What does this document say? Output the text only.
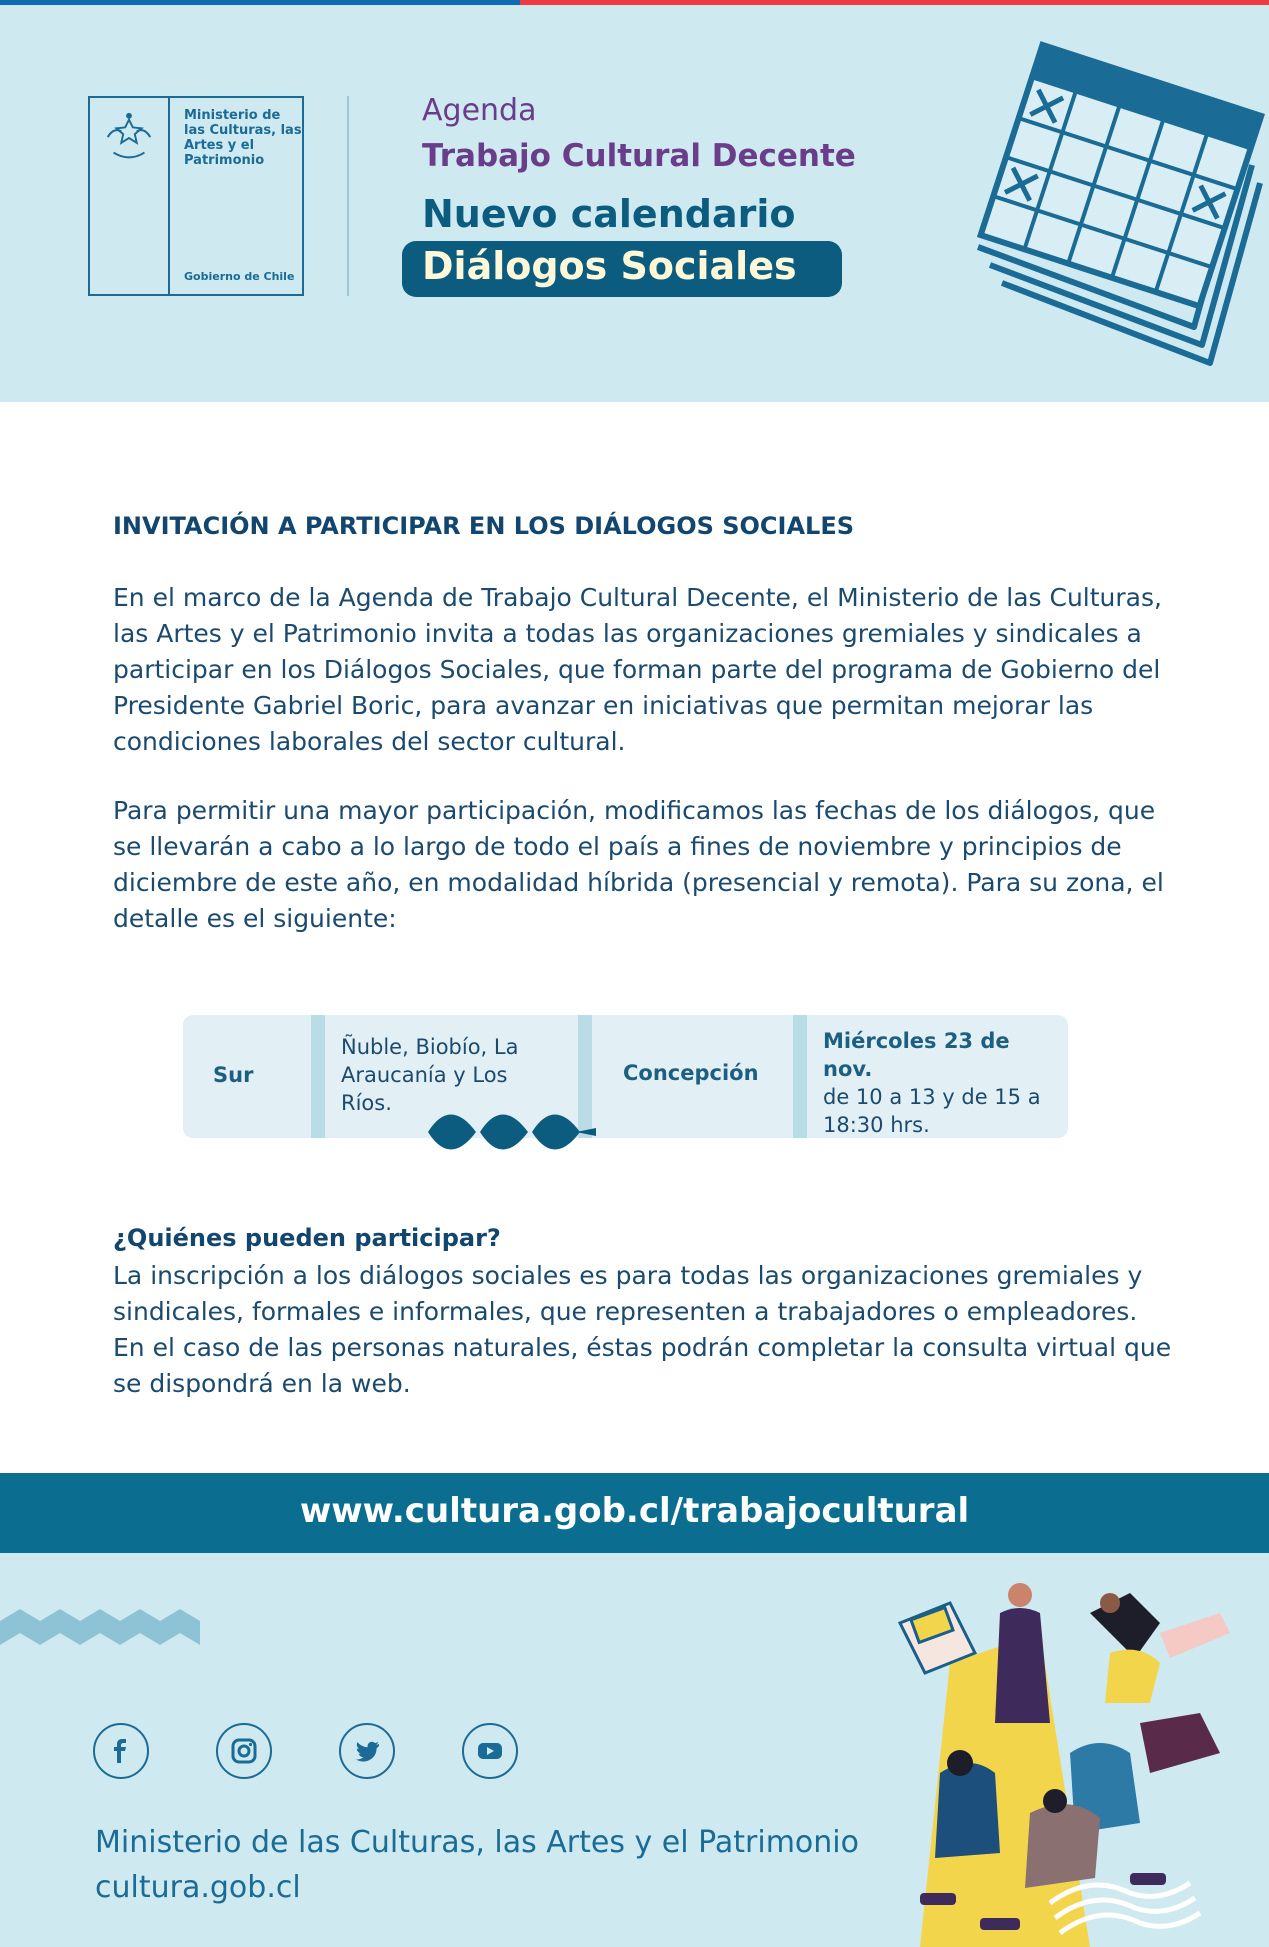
Ministerio de las Culturas, las Artes y el Patrimonio
Gobierno de Chile
Agenda
Trabajo Cultural Decente
Nuevo calendario
Diálogos Sociales
INVITACIÓN A PARTICIPAR EN LOS DIÁLOGOS SOCIALES
En el marco de la Agenda de Trabajo Cultural Decente, el Ministerio de las Culturas, las Artes y el Patrimonio invita a todas las organizaciones gremiales y sindicales a participar en los Diálogos Sociales, que forman parte del programa de Gobierno del Presidente Gabriel Boric, para avanzar en iniciativas que permitan mejorar las condiciones laborales del sector cultural.
Para permitir una mayor participación, modificamos las fechas de los diálogos, que se llevarán a cabo a lo largo de todo el país a fines de noviembre y principios de diciembre de este año, en modalidad híbrida (presencial y remota). Para su zona, el detalle es el siguiente:
Sur
Ñuble, Biobío, La Araucanía y Los Ríos.
Concepción
Miércoles 23 de nov.
de 10 a 13 y de 15 a 18:30 hrs.
¿Quiénes pueden participar?
La inscripción a los diálogos sociales es para todas las organizaciones gremiales y sindicales, formales e informales, que representen a trabajadores o empleadores. En el caso de las personas naturales, éstas podrán completar la consulta virtual que se dispondrá en la web.
www.cultura.gob.cl/trabajocultural
Ministerio de las Culturas, las Artes y el Patrimonio
cultura.gob.cl
